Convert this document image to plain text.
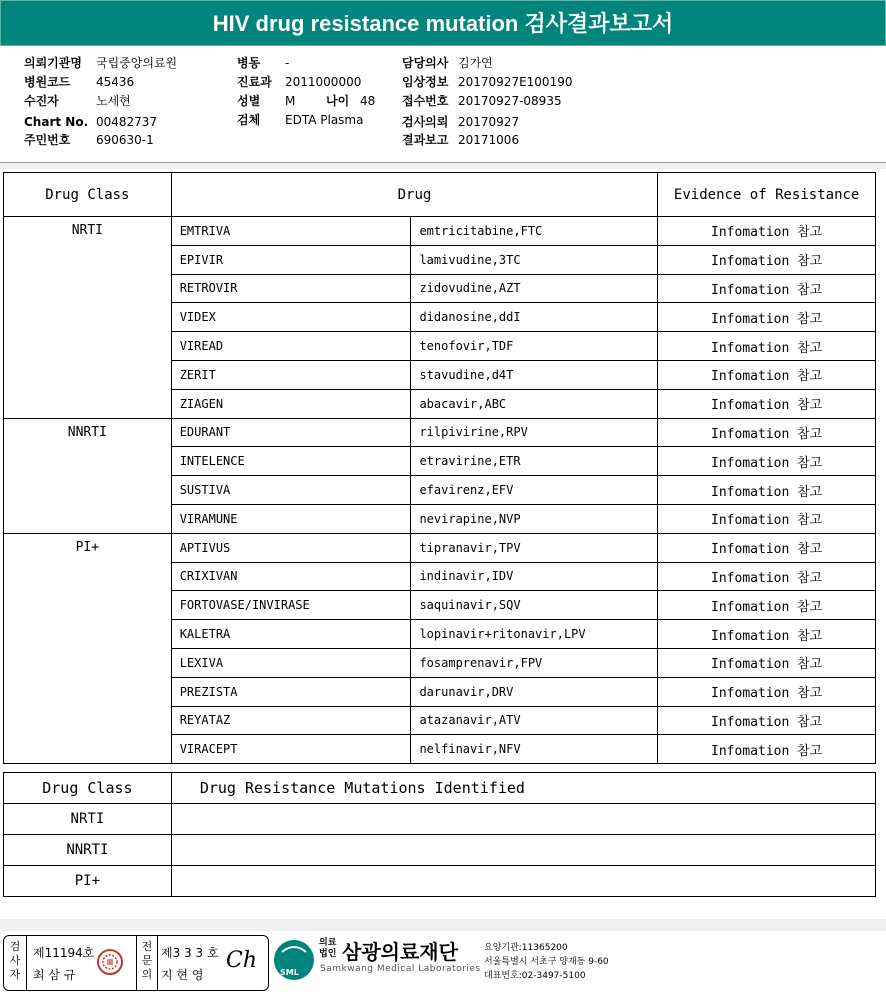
HIV drug resistance mutation 검사결과보고서
의뢰기관명 국립중앙의료원
병원코드 45436
수진자	노세현
Chart No. 00482737
주민번호 690630-1
병동 -
진료과 2011000000
성별 M
검체 EDTA Plasma
담당의사 김가연
임상정보 20170927E100190
접수번호 20170927-08935
검사의뢰 20170927
결과보고 20171006
나이 48
Drug Class	Drug		Evidence of Resistance
NRTI	EMTRIVA	emtricitabine,FTC	Infomation 참고
	EPIVIR	lamivudine,3TC	Infomation 참고
	RETROVIR	zidovudine,AZT	Infomation 참고
	VIDEX	didanosine,ddI	Infomation 참고
	VIREAD	tenofovir,TDF	Infomation 참고
	ZERIT	stavudine,d4T	Infomation 참고
	ZIAGEN	abacavir,ABC	Infomation 참고
NNRTI	EDURANT	rilpivirine,RPV	Infomation 참고
	INTELENCE	etravirine,ETR	Infomation 참고
	SUSTIVA	efavirenz,EFV	Infomation 참고
	VIRAMUNE	nevirapine,NVP	Infomation 참고
PI+	APTIVUS	tipranavir,TPV	Infomation 참고
	CRIXIVAN	indinavir,IDV	Infomation 참고
	FORTOVASE/INVIRASE	saquinavir,SQV	Infomation 참고
	KALETRA	lopinavir+ritonavir,LPV	Infomation 참고
	LEXIVA	fosamprenavir,FPV	Infomation 참고
	PREZISTA	darunavir,DRV	Infomation 참고
	REYATAZ	atazanavir,ATV	Infomation 참고
	VIRACEPT	nelfinavir,NFV	Infomation 참고
Drug Class	Drug Resistance Mutations Identified
NRTI	
NNRTI	
PI+	
검사자
제11194호
최 삼 규
전문의
제3 3 3 호
지 현 영
Ch	SML
의료법인 삼광의료재단
Samkwang Medical Laboratories
요양기관:11365200
서울특별시 서초구 양재동 9-60
대표번호:02-3497-5100
